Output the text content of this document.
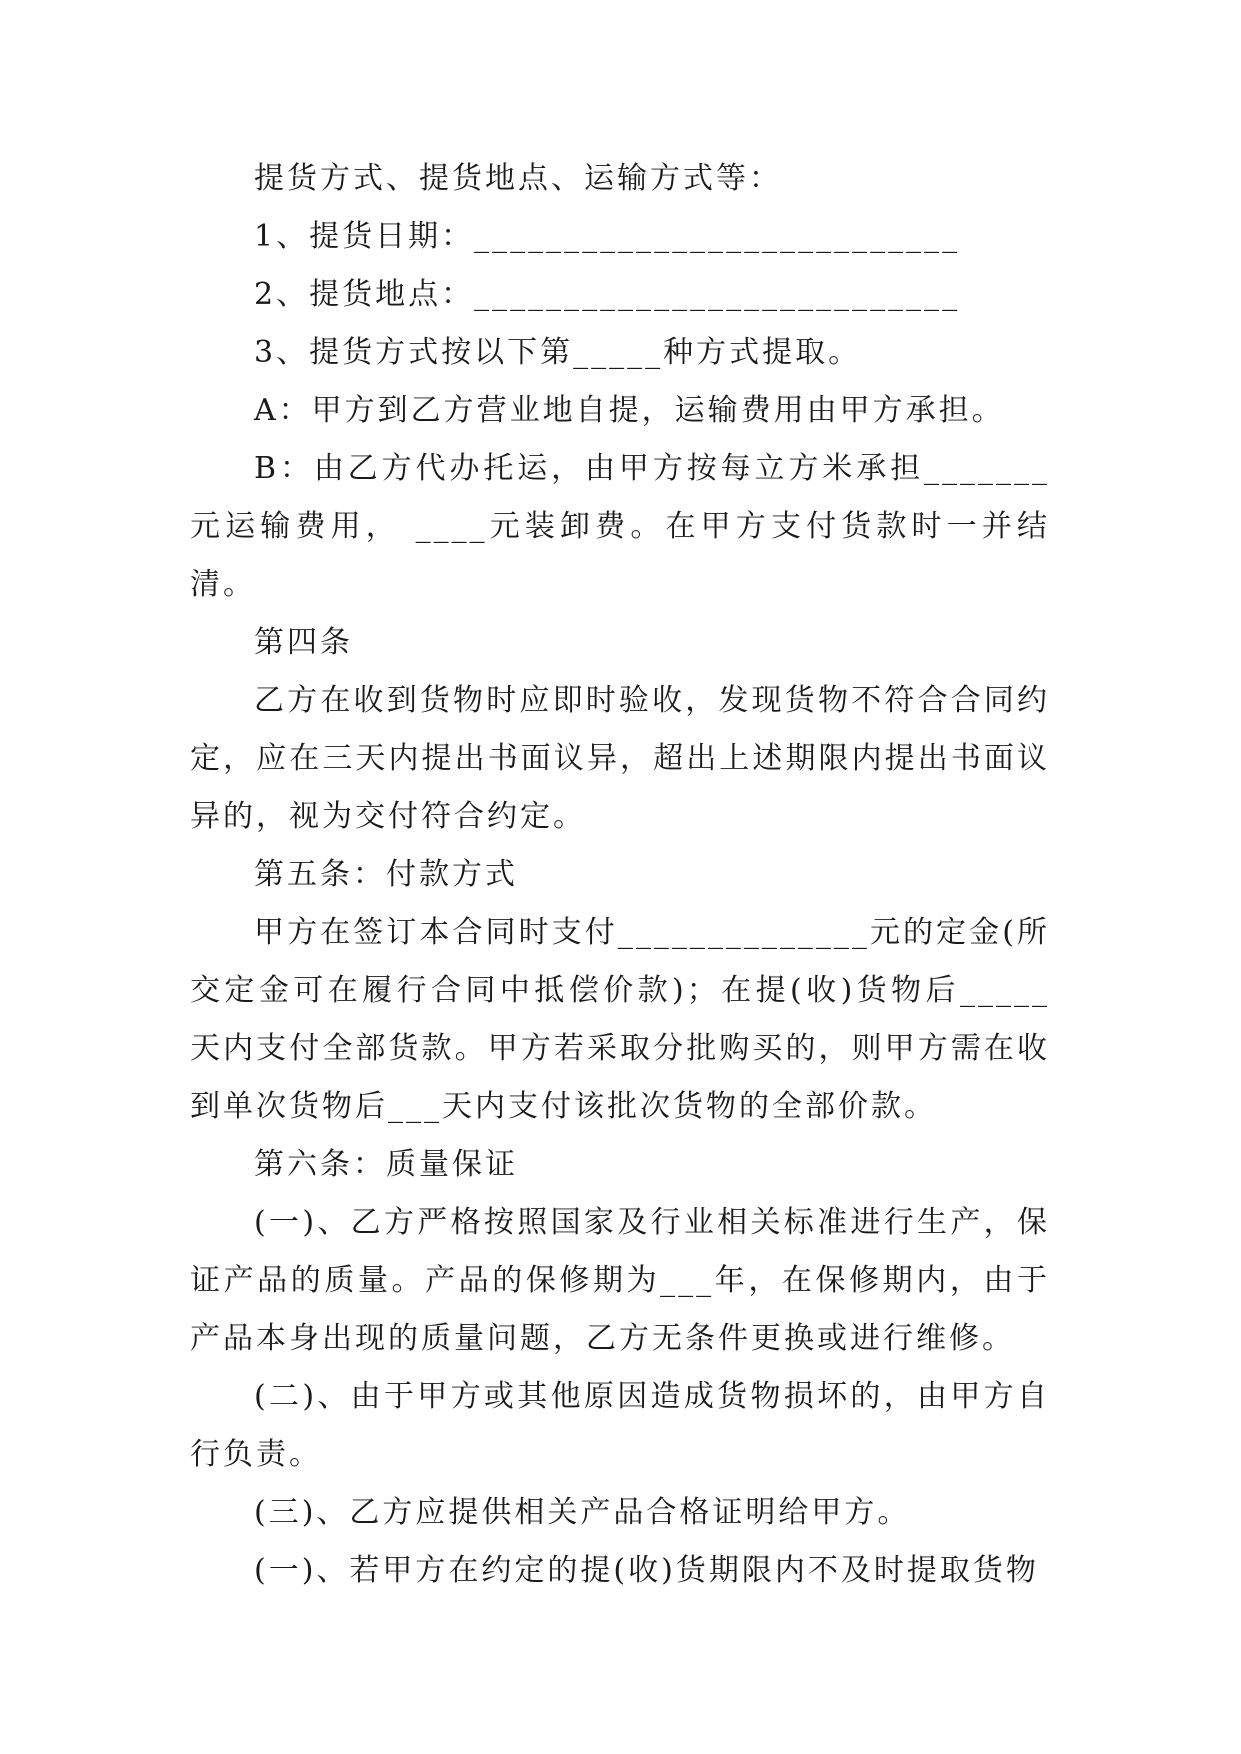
提货方式、提货地点、运输方式等：

1、提货日期：___________________________

2、提货地点：___________________________

3、提货方式按以下第_____种方式提取。

A：甲方到乙方营业地自提，运输费用由甲方承担。

B：由乙方代办托运，由甲方按每立方米承担_______元运输费用， ____元装卸费。在甲方支付货款时一并结清。

第四条

乙方在收到货物时应即时验收，发现货物不符合合同约定，应在三天内提出书面议异，超出上述期限内提出书面议异的，视为交付符合约定。

第五条：付款方式

甲方在签订本合同时支付______________元的定金(所交定金可在履行合同中抵偿价款)；在提(收)货物后_____天内支付全部货款。甲方若采取分批购买的，则甲方需在收到单次货物后___天内支付该批次货物的全部价款。

第六条：质量保证

(一)、乙方严格按照国家及行业相关标准进行生产，保证产品的质量。产品的保修期为___年，在保修期内，由于产品本身出现的质量问题，乙方无条件更换或进行维修。

(二)、由于甲方或其他原因造成货物损坏的，由甲方自行负责。

(三)、乙方应提供相关产品合格证明给甲方。

(一)、若甲方在约定的提(收)货期限内不及时提取货物
